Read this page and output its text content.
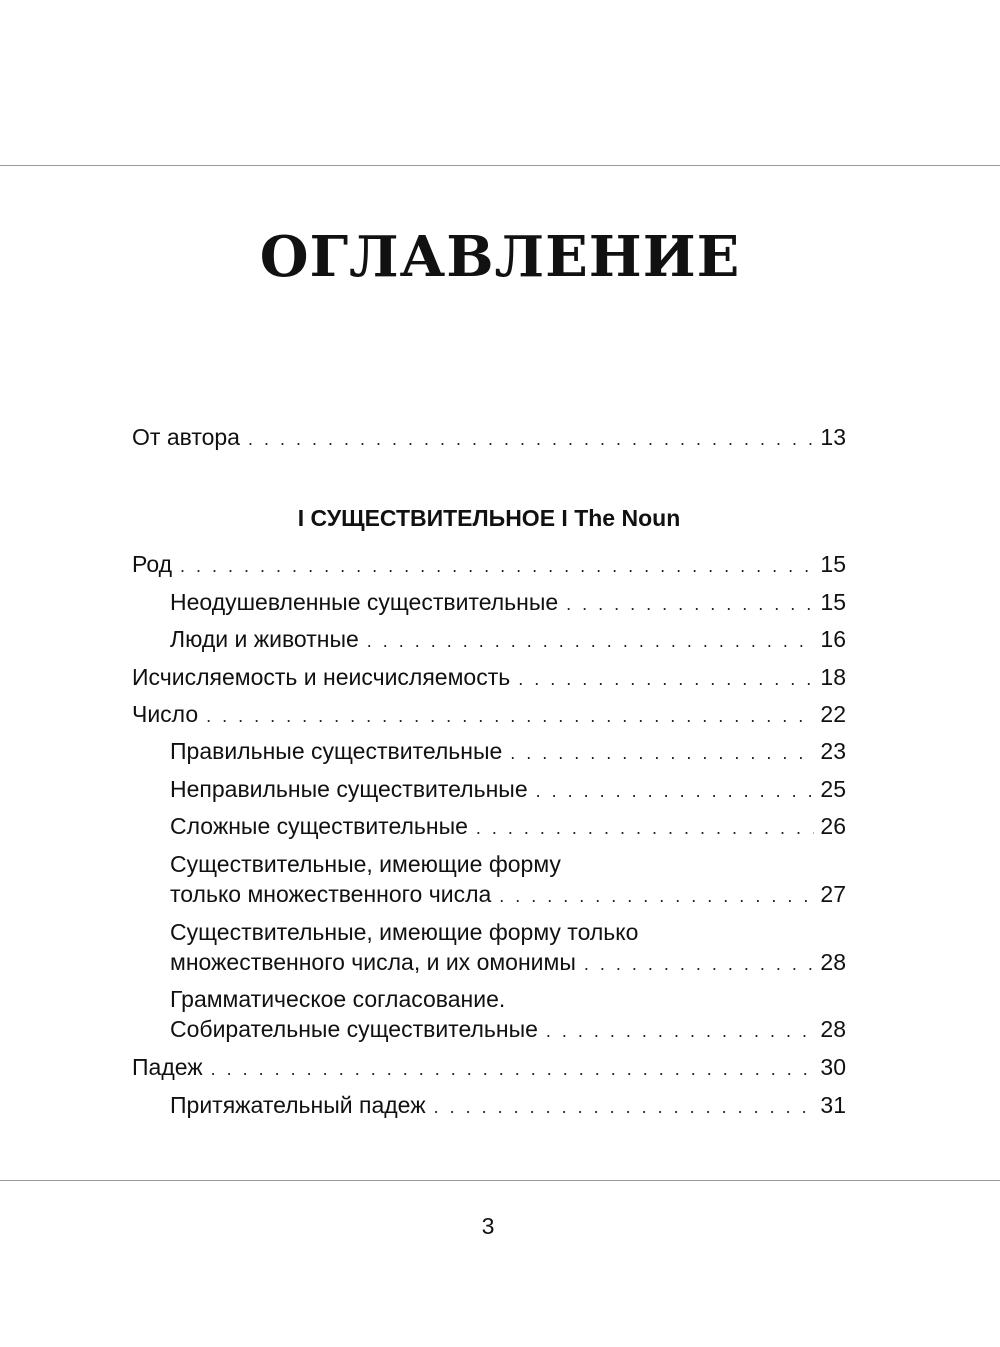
ОГЛАВЛЕНИЕ
От автора . . .	13
Род . . .	15
Неодушевленные существительные . . .	15
Люди и животные . . .	16
Исчисляемость и неисчисляемость . . .	18
Число . . .	22
Правильные существительные . . .	23
Неправильные существительные . . .	25
Сложные существительные . . .	26
Существительные, имеющие форму
только множественного числа . . .	27
Существительные, имеющие форму только
множественного числа, и их омонимы . . .	28
Грамматическое согласование.
Собирательные существительные . . .	28
Падеж . . .	30
Притяжательный падеж . . .	31
I СУЩЕСТВИТЕЛЬНОЕ I The Noun
3
